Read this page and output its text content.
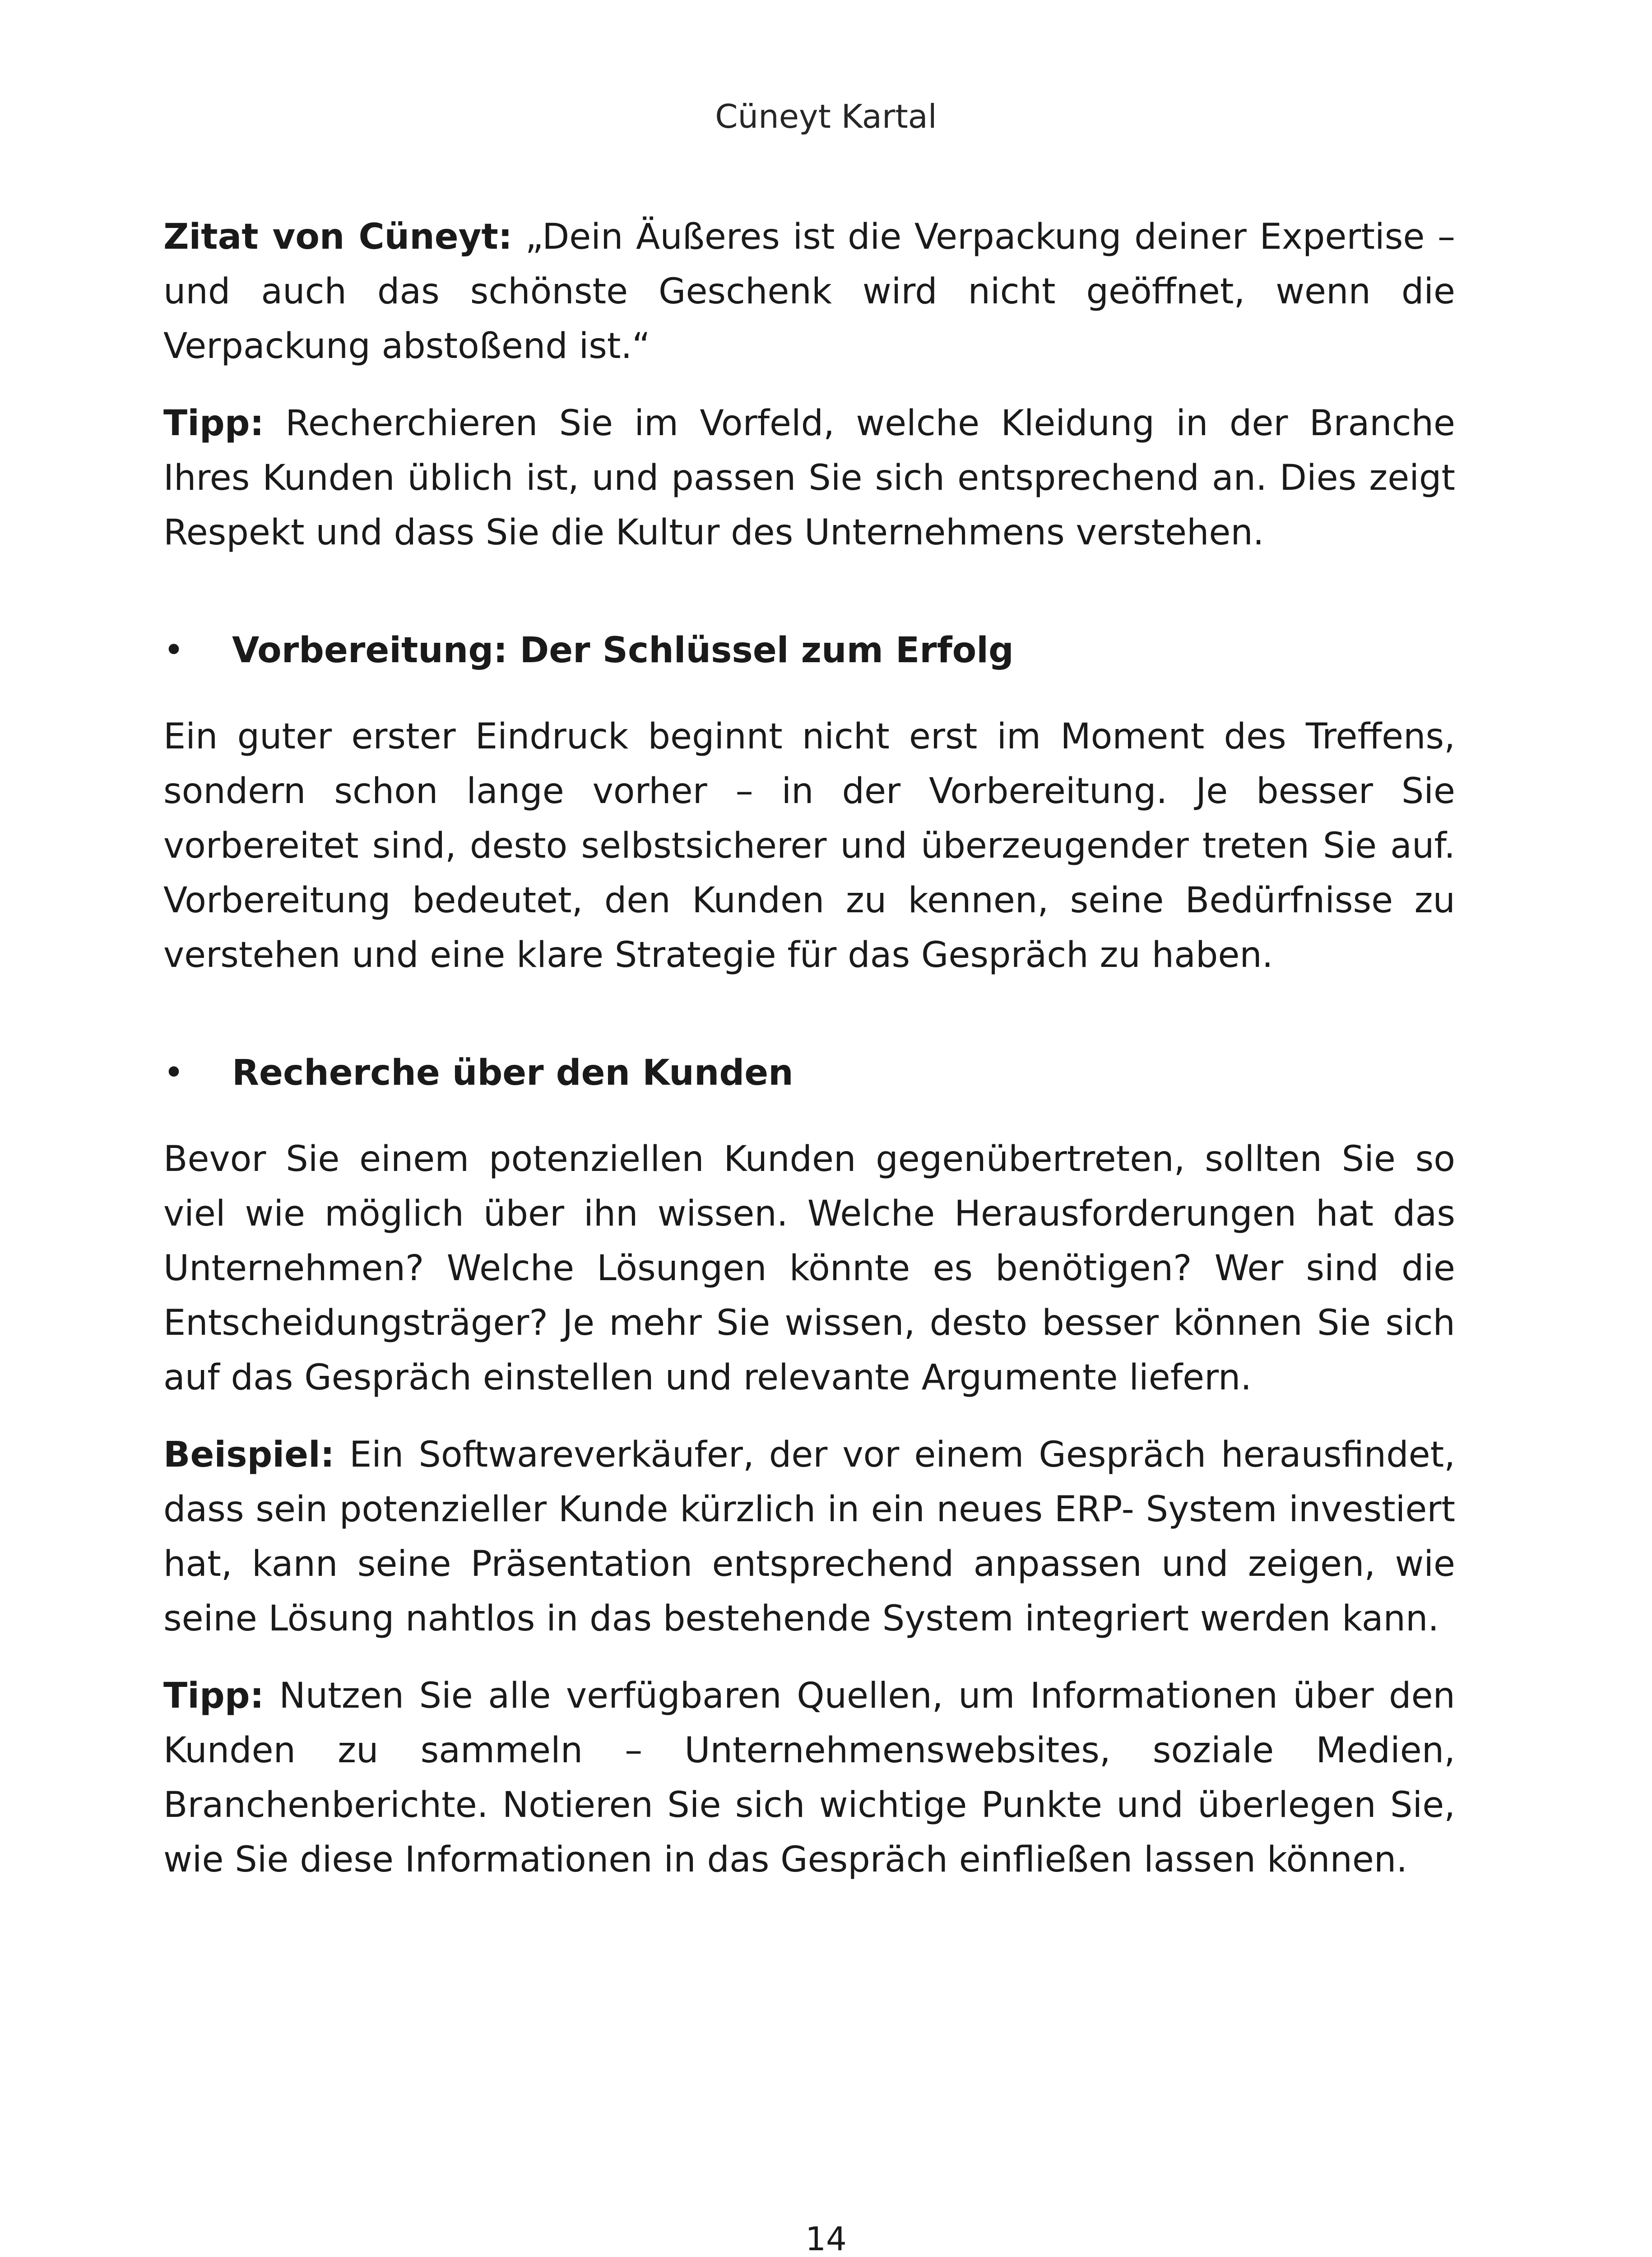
Cüneyt Kartal

Zitat von Cüneyt: „Dein Äußeres ist die Verpackung deiner Expertise – und auch das schönste Geschenk wird nicht geöffnet, wenn die Verpackung abstoßend ist.“

Tipp: Recherchieren Sie im Vorfeld, welche Kleidung in der Branche Ihres Kunden üblich ist, und passen Sie sich entsprechend an. Dies zeigt Respekt und dass Sie die Kultur des Unternehmens verstehen.

•	Vorbereitung: Der Schlüssel zum Erfolg

Ein guter erster Eindruck beginnt nicht erst im Moment des Treffens, sondern schon lange vorher – in der Vorbereitung. Je besser Sie vorbereitet sind, desto selbstsicherer und überzeugender treten Sie auf. Vorbereitung bedeutet, den Kunden zu kennen, seine Bedürfnisse zu verstehen und eine klare Strategie für das Gespräch zu haben.

•	Recherche über den Kunden

Bevor Sie einem potenziellen Kunden gegenübertreten, sollten Sie so viel wie möglich über ihn wissen. Welche Herausforderungen hat das Unternehmen? Welche Lösungen könnte es benötigen? Wer sind die Entscheidungsträger? Je mehr Sie wissen, desto besser können Sie sich auf das Gespräch einstellen und relevante Argumente liefern.

Beispiel: Ein Softwareverkäufer, der vor einem Gespräch herausfindet, dass sein potenzieller Kunde kürzlich in ein neues ERP- System investiert hat, kann seine Präsentation entsprechend anpassen und zeigen, wie seine Lösung nahtlos in das bestehende System integriert werden kann.

Tipp: Nutzen Sie alle verfügbaren Quellen, um Informationen über den Kunden zu sammeln – Unternehmenswebsites, soziale Medien, Branchenberichte. Notieren Sie sich wichtige Punkte und überlegen Sie, wie Sie diese Informationen in das Gespräch einfließen lassen können.

14
